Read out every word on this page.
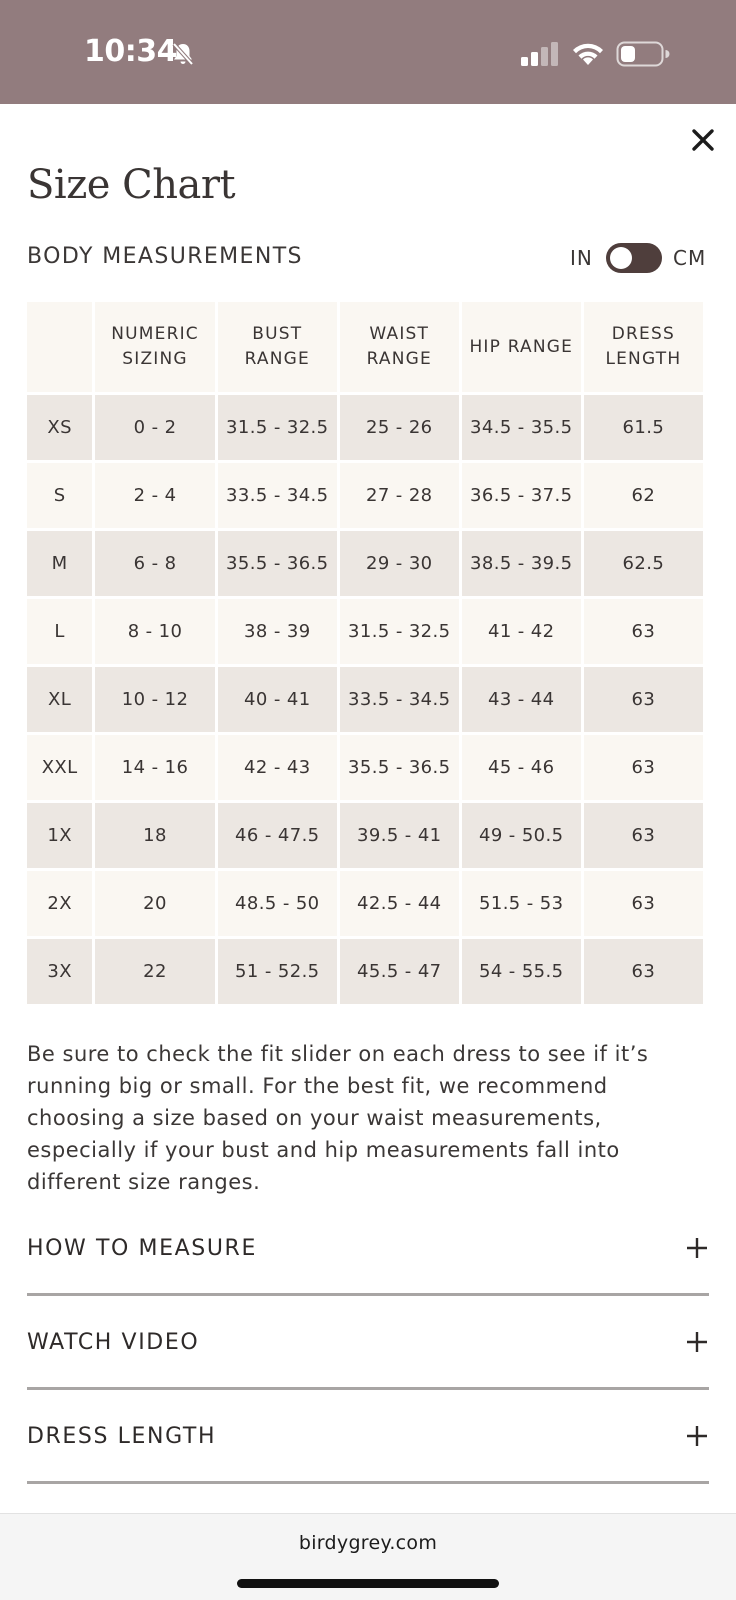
10:34
Size Chart
BODY MEASUREMENTS	IN	CM
	NUMERIC SIZING	BUST RANGE	WAIST RANGE	HIP RANGE	DRESS LENGTH
XS	0 - 2	31.5 - 32.5	25 - 26	34.5 - 35.5	61.5
S	2 - 4	33.5 - 34.5	27 - 28	36.5 - 37.5	62
M	6 - 8	35.5 - 36.5	29 - 30	38.5 - 39.5	62.5
L	8 - 10	38 - 39	31.5 - 32.5	41 - 42	63
XL	10 - 12	40 - 41	33.5 - 34.5	43 - 44	63
XXL	14 - 16	42 - 43	35.5 - 36.5	45 - 46	63
1X	18	46 - 47.5	39.5 - 41	49 - 50.5	63
2X	20	48.5 - 50	42.5 - 44	51.5 - 53	63
3X	22	51 - 52.5	45.5 - 47	54 - 55.5	63
Be sure to check the fit slider on each dress to see if it’s running big or small. For the best fit, we recommend choosing a size based on your waist measurements, especially if your bust and hip measurements fall into different size ranges.
HOW TO MEASURE
WATCH VIDEO
DRESS LENGTH
birdygrey.com
